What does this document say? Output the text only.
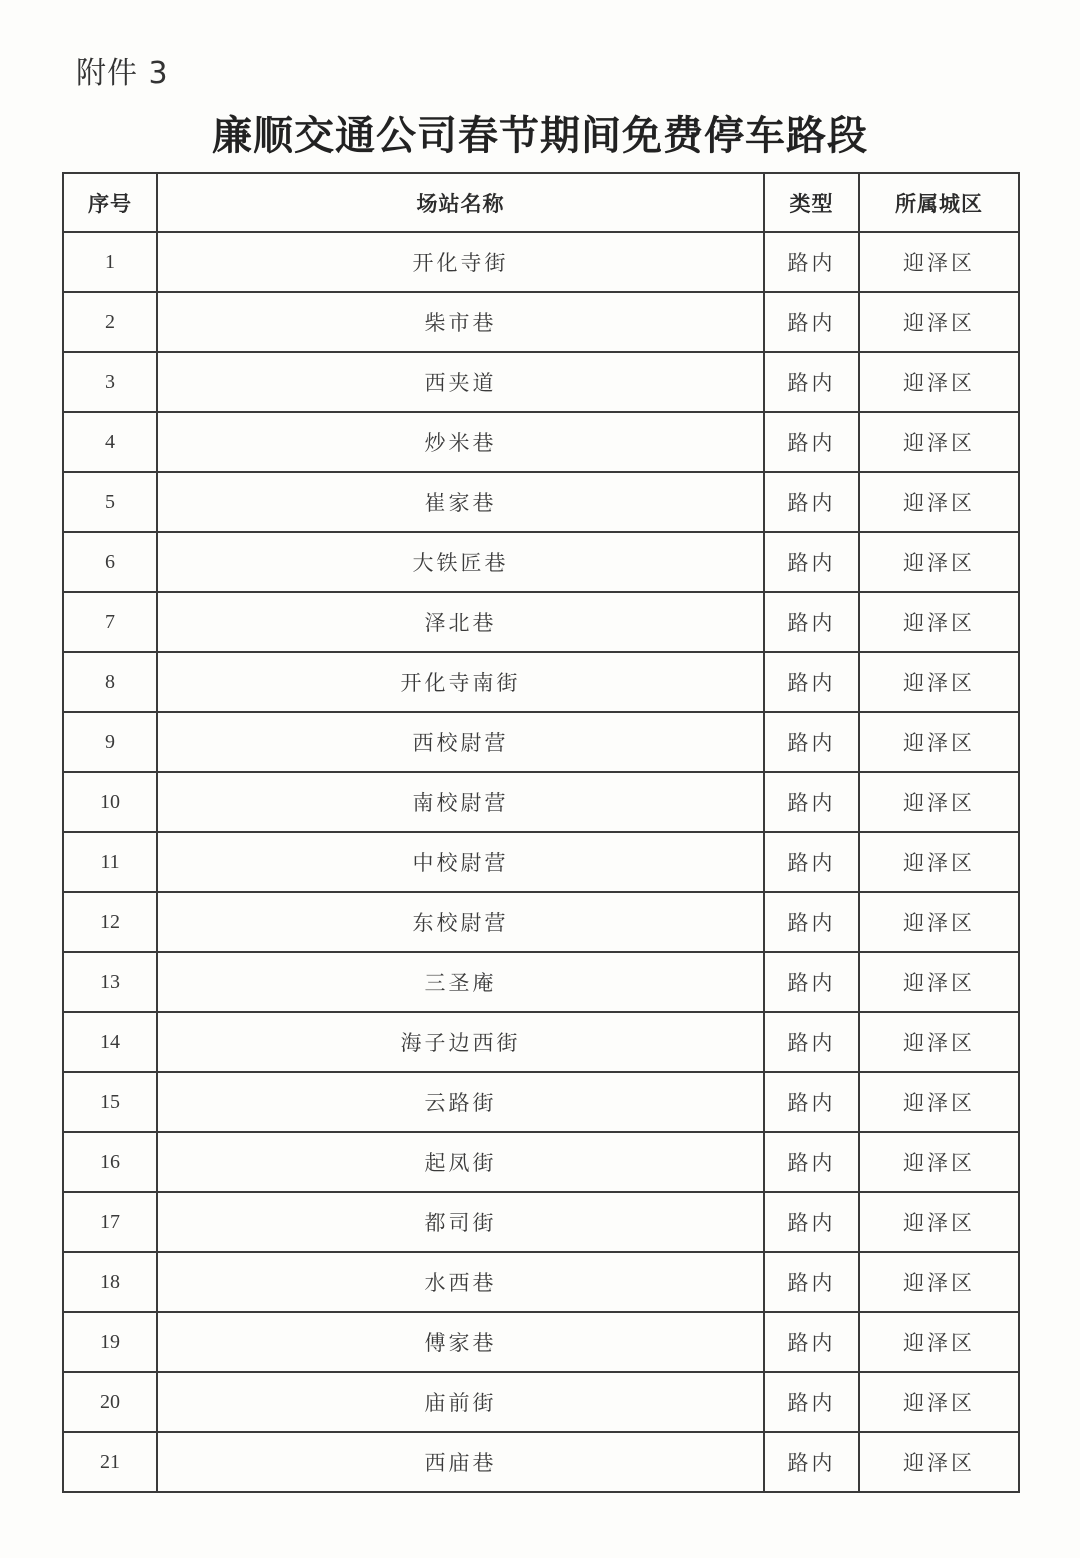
附件 3
廉顺交通公司春节期间免费停车路段
序号	场站名称	类型	所属城区
1	开化寺街	路内	迎泽区
2	柴市巷	路内	迎泽区
3	西夹道	路内	迎泽区
4	炒米巷	路内	迎泽区
5	崔家巷	路内	迎泽区
6	大铁匠巷	路内	迎泽区
7	泽北巷	路内	迎泽区
8	开化寺南街	路内	迎泽区
9	西校尉营	路内	迎泽区
10	南校尉营	路内	迎泽区
11	中校尉营	路内	迎泽区
12	东校尉营	路内	迎泽区
13	三圣庵	路内	迎泽区
14	海子边西街	路内	迎泽区
15	云路街	路内	迎泽区
16	起凤街	路内	迎泽区
17	都司街	路内	迎泽区
18	水西巷	路内	迎泽区
19	傅家巷	路内	迎泽区
20	庙前街	路内	迎泽区
21	西庙巷	路内	迎泽区
